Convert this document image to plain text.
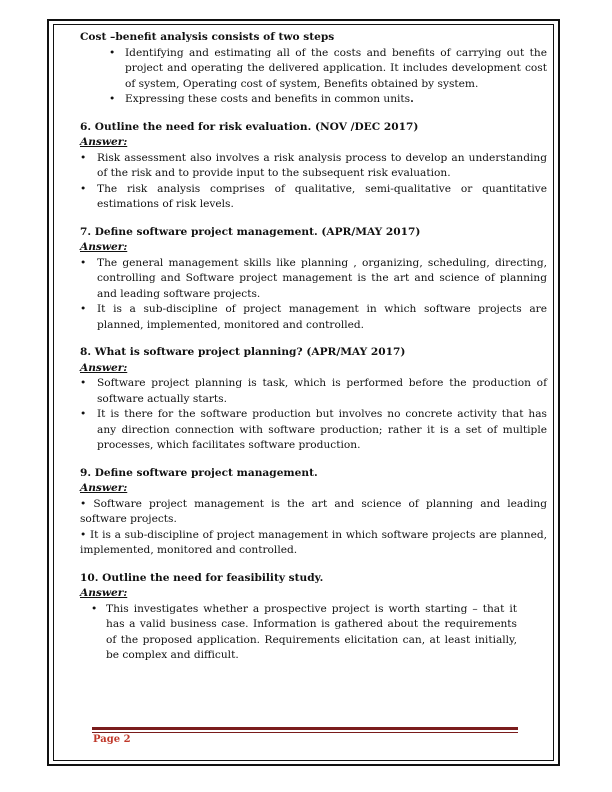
Cost –benefit analysis consists of two steps

• Identifying and estimating all of the costs and benefits of carrying out the project and operating the delivered application. It includes development cost of system, Operating cost of system, Benefits obtained by system.
• Expressing these costs and benefits in common units.

6. Outline the need for risk evaluation. (NOV /DEC 2017)

Answer:

• Risk assessment also involves a risk analysis process to develop an understanding of the risk and to provide input to the subsequent risk evaluation.
• The risk analysis comprises of qualitative, semi-qualitative or quantitative estimations of risk levels.

7. Define software project management. (APR/MAY 2017)

Answer:

• The general management skills like planning , organizing, scheduling, directing, controlling and Software project management is the art and science of planning and leading software projects.
• It is a sub-discipline of project management in which software projects are planned, implemented, monitored and controlled.

8. What is software project planning? (APR/MAY 2017)

Answer:

• Software project planning is task, which is performed before the production of software actually starts.
• It is there for the software production but involves no concrete activity that has any direction connection with software production; rather it is a set of multiple processes, which facilitates software production.

9. Define software project management.

Answer:

• Software project management is the art and science of planning and leading software projects.

• It is a sub-discipline of project management in which software projects are planned, implemented, monitored and controlled.

10. Outline the need for feasibility study.

Answer:

• This investigates whether a prospective project is worth starting – that it has a valid business case. Information is gathered about the requirements of the proposed application. Requirements elicitation can, at least initially, be complex and difficult.
Page 2
